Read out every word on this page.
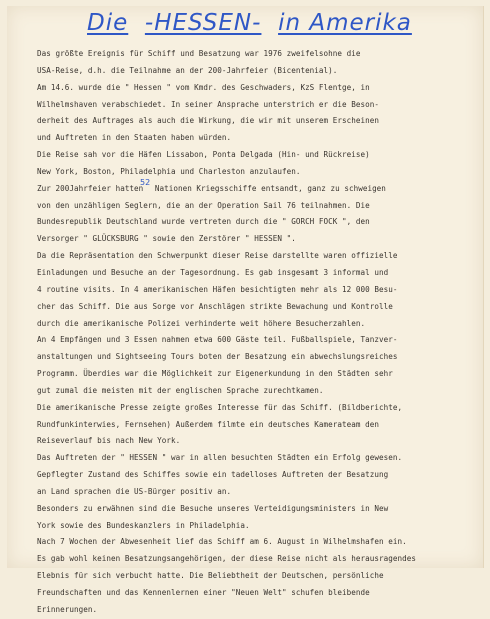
Die -HESSEN- in Amerika
Das größte Ereignis für Schiff und Besatzung war 1976 zweifelsohne die
USA-Reise, d.h. die Teilnahme an der 200-Jahrfeier (Bicentenial).
Am 14.6. wurde die " Hessen " vom Kmdr. des Geschwaders, KzS Flentge, in
Wilhelmshaven verabschiedet. In seiner Ansprache unterstrich er die Beson-
derheit des Auftrages als auch die Wirkung, die wir mit unserem Erscheinen
und Auftreten in den Staaten haben würden.
Die Reise sah vor die Häfen Lissabon, Ponta Delgada (Hin- und Rückreise)
New York, Boston, Philadelphia und Charleston anzulaufen.
Zur 200Jahrfeier hatten 52 Nationen Kriegsschiffe entsandt, ganz zu schweigen
von den unzähligen Seglern, die an der Operation Sail 76 teilnahmen. Die
Bundesrepublik Deutschland wurde vertreten durch die " GORCH FOCK ", den
Versorger " GLÜCKSBURG " sowie den Zerstörer " HESSEN ".
Da die Repräsentation den Schwerpunkt dieser Reise darstellte waren offizielle
Einladungen und Besuche an der Tagesordnung. Es gab insgesamt 3 informal und
4 routine visits. In 4 amerikanischen Häfen besichtigten mehr als 12 000 Besu-
cher das Schiff. Die aus Sorge vor Anschlägen strikte Bewachung und Kontrolle
durch die amerikanische Polizei verhinderte weit höhere Besucherzahlen.
An 4 Empfängen und 3 Essen nahmen etwa 600 Gäste teil. Fußballspiele, Tanzver-
anstaltungen und Sightseeing Tours boten der Besatzung ein abwechslungsreiches
Programm. Überdies war die Möglichkeit zur Eigenerkundung in den Städten sehr
gut zumal die meisten mit der englischen Sprache zurechtkamen.
Die amerikanische Presse zeigte großes Interesse für das Schiff. (Bildberichte,
Rundfunkinterwies, Fernsehen) Außerdem filmte ein deutsches Kamerateam den
Reiseverlauf bis nach New York.
Das Auftreten der " HESSEN " war in allen besuchten Städten ein Erfolg gewesen.
Gepflegter Zustand des Schiffes sowie ein tadelloses Auftreten der Besatzung
an Land sprachen die US-Bürger positiv an.
Besonders zu erwähnen sind die Besuche unseres Verteidigungsministers in New
York sowie des Bundeskanzlers in Philadelphia.
Nach 7 Wochen der Abwesenheit lief das Schiff am 6. August in Wilhelmshafen ein.
Es gab wohl keinen Besatzungsangehörigen, der diese Reise nicht als herausragendes
Elebnis für sich verbucht hatte. Die Beliebtheit der Deutschen, persönliche
Freundschaften und das Kennenlernen einer "Neuen Welt" schufen bleibende
Erinnerungen.
